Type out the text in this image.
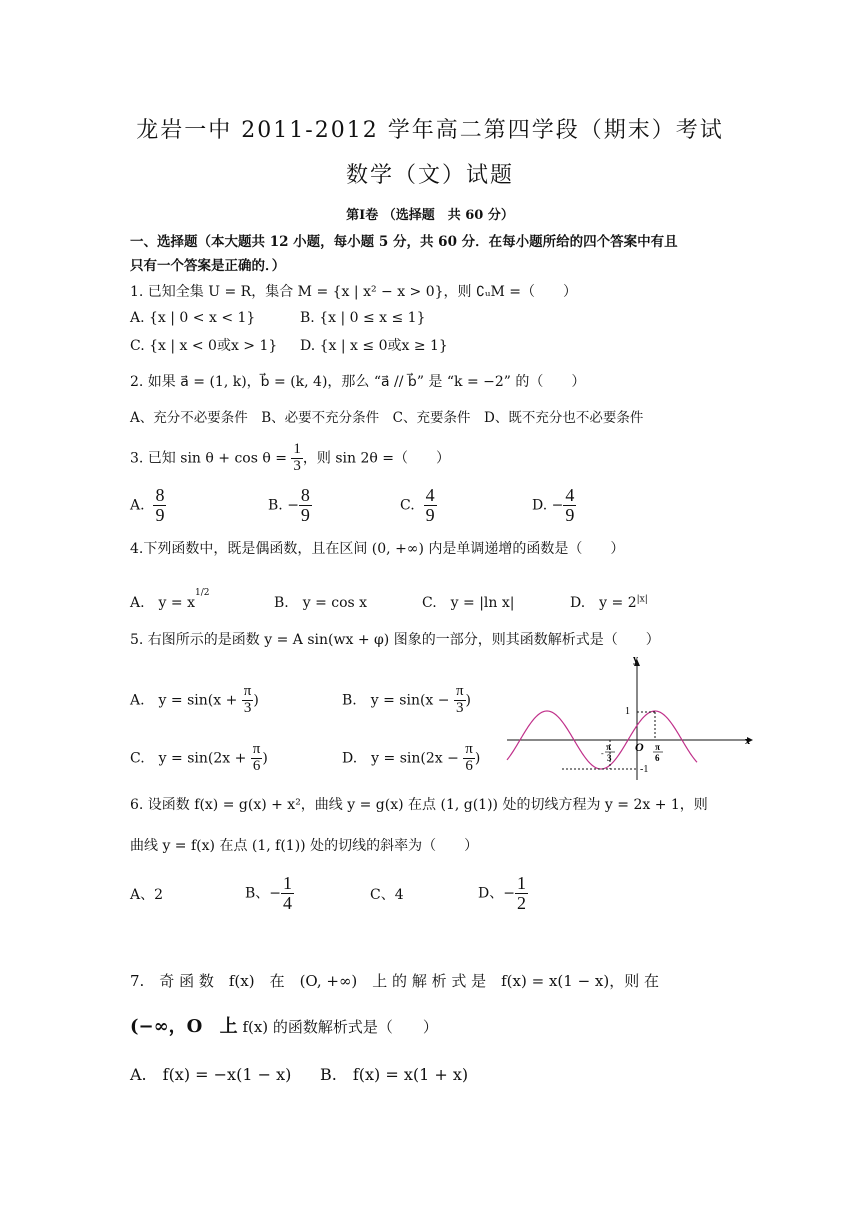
龙岩一中 2011-2012 学年高二第四学段（期末）考试
数学（文）试题
第Ⅰ卷 （选择题　共 60 分）
一、选择题（本大题共 12 小题，每小题 5 分，共 60 分．在每小题所给的四个答案中有且
只有一个答案是正确的．）
1. 已知全集 U = R，集合 M = {x | x² − x > 0}，则 ∁ᵤM =（　　）
A. {x | 0 < x < 1}	B. {x | 0 ≤ x ≤ 1}
C. {x | x < 0或x > 1} D. {x | x ≤ 0或x ≥ 1}
2. 如果 a⃗ = (1, k)，b⃗ = (k, 4)，那么 “a⃗ // b⃗” 是 “k = −2” 的（　　）
A、充分不必要条件　B、必要不充分条件　C、充要条件　D、既不充分也不必要条件
3. 已知 $\sin \theta + \cos \theta = \frac{1}{3}$ ，则 sin 2θ =（　　）
A. $\frac{8}{9}$	B. − $\frac{8}{9}$	C. $\frac{4}{9}$	D. − $\frac{4}{9}$
4.下列函数中，既是偶函数，且在区间 (0, +∞) 内是单调递增的函数是（　　）
A.　$y = x^{1/2}$
B.　y = cos x	C.　y = |ln x|	D.　$y = 2^{|x|}$
5. 右图所示的是函数 y = A sin(wx + φ) 图象的一部分，则其函数解析式是（　　）
A.　$y = \sin(x + \frac{\pi}{3}$ )	B.　$y = \sin(x - \frac{\pi}{3}$ )
C.　$y = \sin(2x + \frac{\pi}{6}$ )	D.　$y = \sin(2x - \frac{\pi}{6}$ )
y
x
1
-1
O
-
π
3
π
6
6. 设函数 f(x) = g(x) + x²，曲线 y = g(x) 在点 (1, g(1)) 处的切线方程为 y = 2x + 1，则
曲线 y = f(x) 在点 (1, f(1)) 处的切线的斜率为（　　）
A、2	B、− $\frac{1}{4}$	C、4	D、− $\frac{1}{2}$
7.　奇 函 数　f(x)　在　(O, +∞)　上 的 解 析 式 是　f(x) = x(1 − x)，则 在
(−∞，Oㅤ上 f(x) 的函数解析式是（　　）
A.　f(x) = −x(1 − x) B.　f(x) = x(1 + x)
